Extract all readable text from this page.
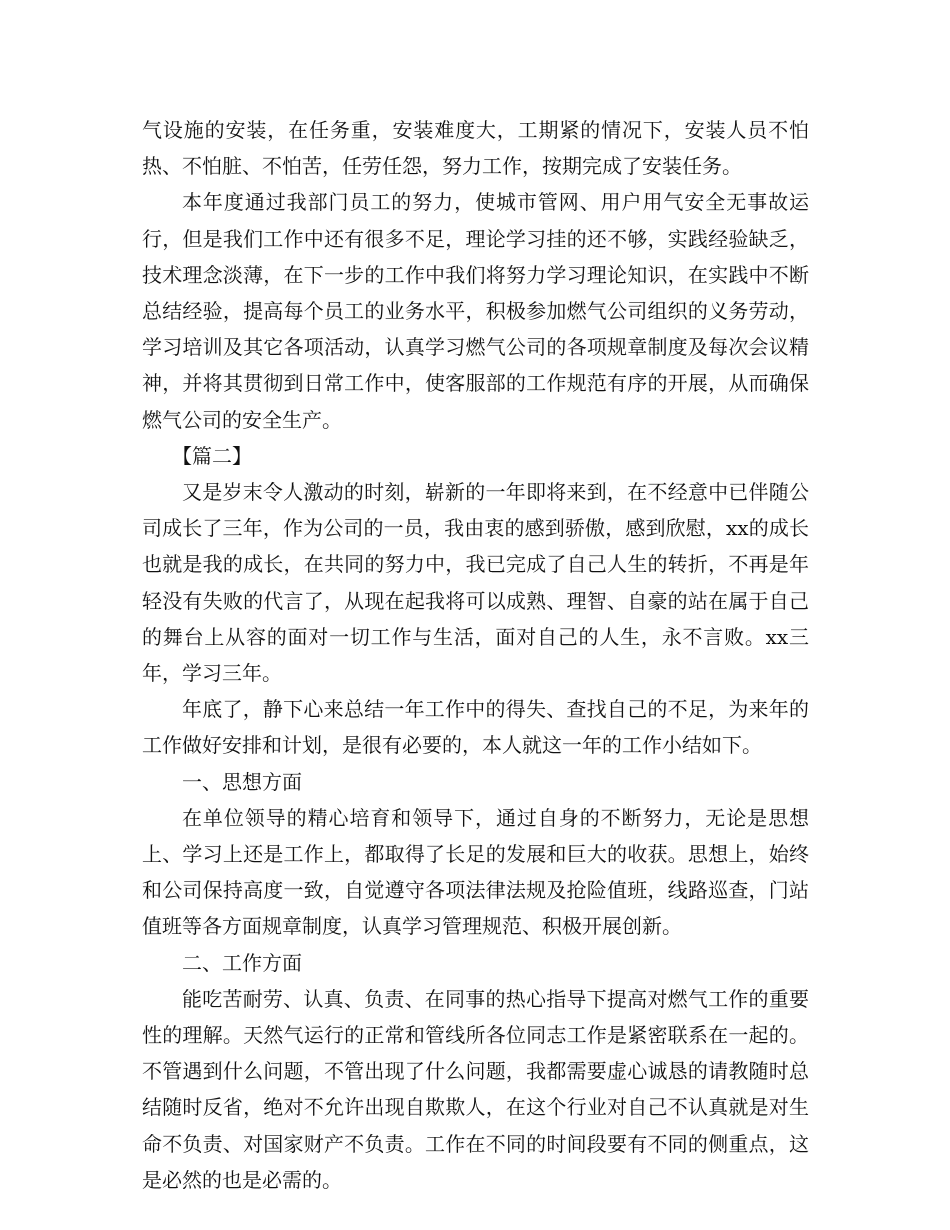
气设施的安装，在任务重，安装难度大，工期紧的情况下，安装人员不怕热、不怕脏、不怕苦，任劳任怨，努力工作，按期完成了安装任务。

本年度通过我部门员工的努力，使城市管网、用户用气安全无事故运行，但是我们工作中还有很多不足，理论学习挂的还不够，实践经验缺乏，技术理念淡薄，在下一步的工作中我们将努力学习理论知识，在实践中不断总结经验，提高每个员工的业务水平，积极参加燃气公司组织的义务劳动，学习培训及其它各项活动，认真学习燃气公司的各项规章制度及每次会议精神，并将其贯彻到日常工作中，使客服部的工作规范有序的开展，从而确保燃气公司的安全生产。

【篇二】

又是岁末令人激动的时刻，崭新的一年即将来到，在不经意中已伴随公司成长了三年，作为公司的一员，我由衷的感到骄傲，感到欣慰，xx的成长也就是我的成长，在共同的努力中，我已完成了自己人生的转折，不再是年轻没有失败的代言了，从现在起我将可以成熟、理智、自豪的站在属于自己的舞台上从容的面对一切工作与生活，面对自己的人生，永不言败。xx三年，学习三年。

年底了，静下心来总结一年工作中的得失、查找自己的不足，为来年的工作做好安排和计划，是很有必要的，本人就这一年的工作小结如下。

一、思想方面

在单位领导的精心培育和领导下，通过自身的不断努力，无论是思想上、学习上还是工作上，都取得了长足的发展和巨大的收获。思想上，始终和公司保持高度一致，自觉遵守各项法律法规及抢险值班，线路巡查，门站值班等各方面规章制度，认真学习管理规范、积极开展创新。

二、工作方面

能吃苦耐劳、认真、负责、在同事的热心指导下提高对燃气工作的重要性的理解。天然气运行的正常和管线所各位同志工作是紧密联系在一起的。不管遇到什么问题，不管出现了什么问题，我都需要虚心诚恳的请教随时总结随时反省，绝对不允许出现自欺欺人，在这个行业对自己不认真就是对生命不负责、对国家财产不负责。工作在不同的时间段要有不同的侧重点，这是必然的也是必需的。
